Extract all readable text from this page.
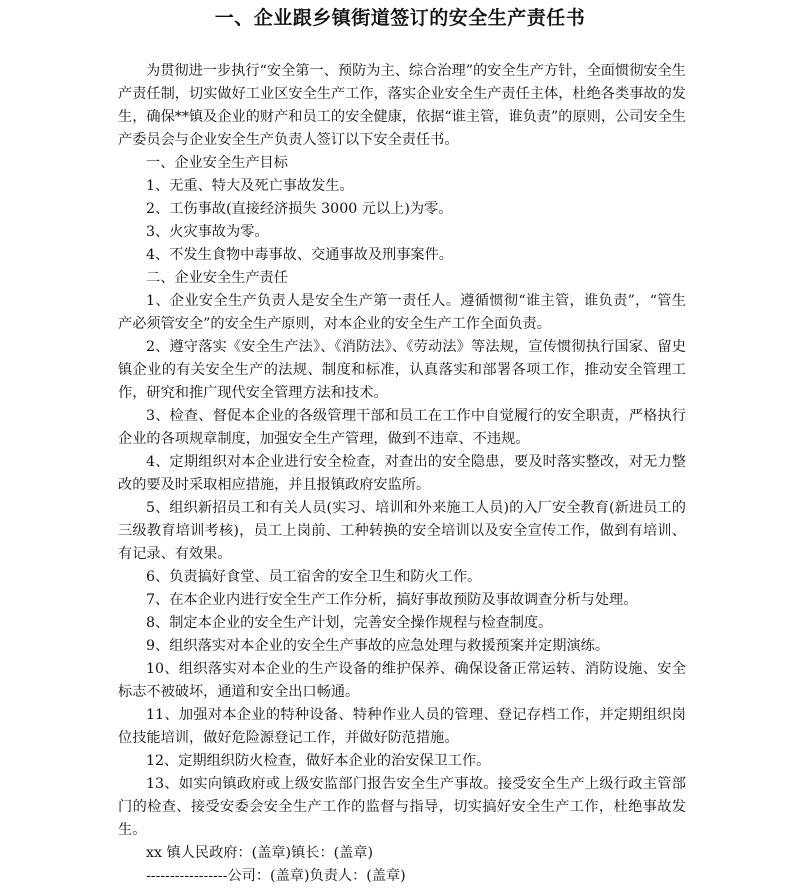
一、企业跟乡镇街道签订的安全生产责任书

为贯彻进一步执行“安全第一、预防为主、综合治理”的安全生产方针，全面惯彻安全生产责任制，切实做好工业区安全生产工作，落实企业安全生产责任主体，杜绝各类事故的发生，确保**镇及企业的财产和员工的安全健康，依据“谁主管，谁负责”的原则，公司安全生产委员会与企业安全生产负责人签订以下安全责任书。

一、企业安全生产目标

1、无重、特大及死亡事故发生。

2、工伤事故(直接经济损失 3000 元以上)为零。

3、火灾事故为零。

4、不发生食物中毒事故、交通事故及刑事案件。

二、企业安全生产责任

1、企业安全生产负责人是安全生产第一责任人。遵循惯彻“谁主管，谁负责”，“管生产必须管安全”的安全生产原则，对本企业的安全生产工作全面负责。

2、遵守落实《安全生产法》、《消防法》、《劳动法》等法规，宣传惯彻执行国家、留史镇企业的有关安全生产的法规、制度和标准，认真落实和部署各项工作，推动安全管理工作，研究和推广现代安全管理方法和技术。

3、检查、督促本企业的各级管理干部和员工在工作中自觉履行的安全职责，严格执行企业的各项规章制度，加强安全生产管理，做到不违章、不违规。

4、定期组织对本企业进行安全检查，对查出的安全隐患，要及时落实整改，对无力整改的要及时采取相应措施，并且报镇政府安监所。

5、组织新招员工和有关人员(实习、培训和外来施工人员)的入厂安全教育(新进员工的三级教育培训考核)，员工上岗前、工种转换的安全培训以及安全宣传工作，做到有培训、有记录、有效果。

6、负责搞好食堂、员工宿舍的安全卫生和防火工作。

7、在本企业内进行安全生产工作分析，搞好事故预防及事故调查分析与处理。

8、制定本企业的安全生产计划，完善安全操作规程与检查制度。

9、组织落实对本企业的安全生产事故的应急处理与救援预案并定期演练。

10、组织落实对本企业的生产设备的维护保养、确保设备正常运转、消防设施、安全标志不被破坏，通道和安全出口畅通。

11、加强对本企业的特种设备、特种作业人员的管理、登记存档工作，并定期组织岗位技能培训，做好危险源登记工作，并做好防范措施。

12、定期组织防火检查，做好本企业的治安保卫工作。

13、如实向镇政府或上级安监部门报告安全生产事故。接受安全生产上级行政主管部门的检查、接受安委会安全生产工作的监督与指导，切实搞好安全生产工作，杜绝事故发生。

xx 镇人民政府：(盖章)镇长：(盖章)

-----------------公司：(盖章)负责人：(盖章)
